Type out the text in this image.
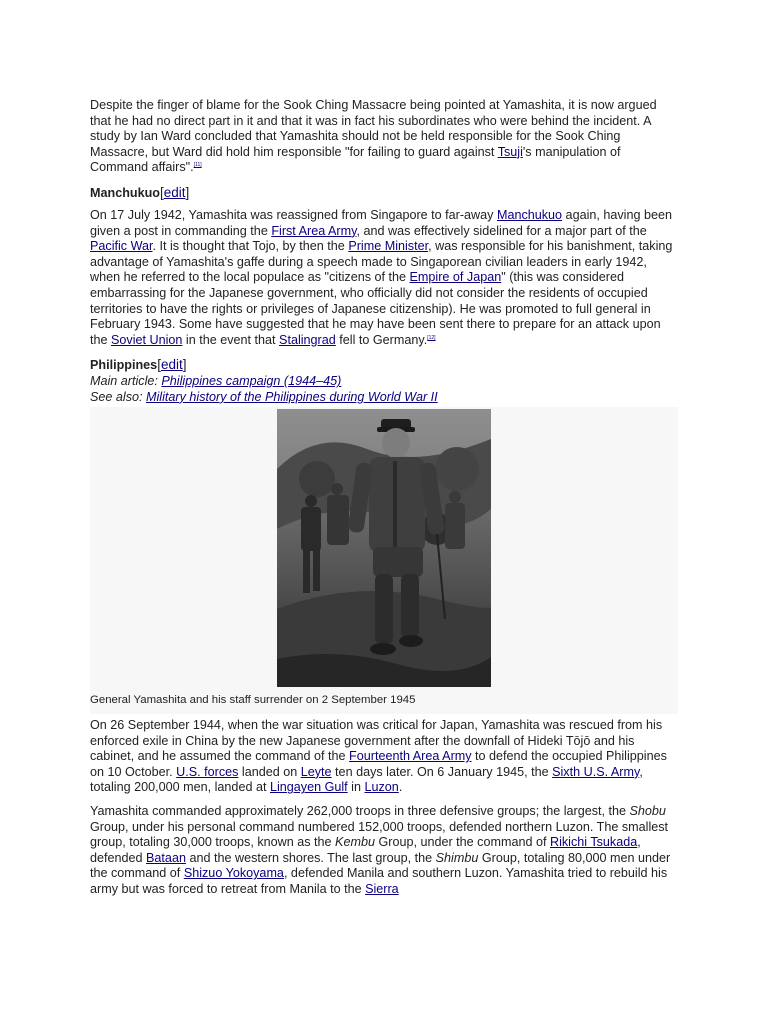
Despite the finger of blame for the Sook Ching Massacre being pointed at Yamashita, it is now argued that he had no direct part in it and that it was in fact his subordinates who were behind the incident. A study by Ian Ward concluded that Yamashita should not be held responsible for the Sook Ching Massacre, but Ward did hold him responsible "for failing to guard against Tsuji's manipulation of Command affairs".[11]

Manchukuo[edit]

On 17 July 1942, Yamashita was reassigned from Singapore to far-away Manchukuo again, having been given a post in commanding the First Area Army, and was effectively sidelined for a major part of the Pacific War. It is thought that Tojo, by then the Prime Minister, was responsible for his banishment, taking advantage of Yamashita's gaffe during a speech made to Singaporean civilian leaders in early 1942, when he referred to the local populace as "citizens of the Empire of Japan" (this was considered embarrassing for the Japanese government, who officially did not consider the residents of occupied territories to have the rights or privileges of Japanese citizenship). He was promoted to full general in February 1943. Some have suggested that he may have been sent there to prepare for an attack upon the Soviet Union in the event that Stalingrad fell to Germany.[12]

Philippines[edit]
Main article: Philippines campaign (1944–45)
See also: Military history of the Philippines during World War II
General Yamashita and his staff surrender on 2 September 1945

On 26 September 1944, when the war situation was critical for Japan, Yamashita was rescued from his enforced exile in China by the new Japanese government after the downfall of Hideki Tōjō and his cabinet, and he assumed the command of the Fourteenth Area Army to defend the occupied Philippines on 10 October. U.S. forces landed on Leyte ten days later. On 6 January 1945, the Sixth U.S. Army, totaling 200,000 men, landed at Lingayen Gulf in Luzon.

Yamashita commanded approximately 262,000 troops in three defensive groups; the largest, the Shobu Group, under his personal command numbered 152,000 troops, defended northern Luzon. The smallest group, totaling 30,000 troops, known as the Kembu Group, under the command of Rikichi Tsukada, defended Bataan and the western shores. The last group, the Shimbu Group, totaling 80,000 men under the command of Shizuo Yokoyama, defended Manila and southern Luzon. Yamashita tried to rebuild his army but was forced to retreat from Manila to the Sierra
